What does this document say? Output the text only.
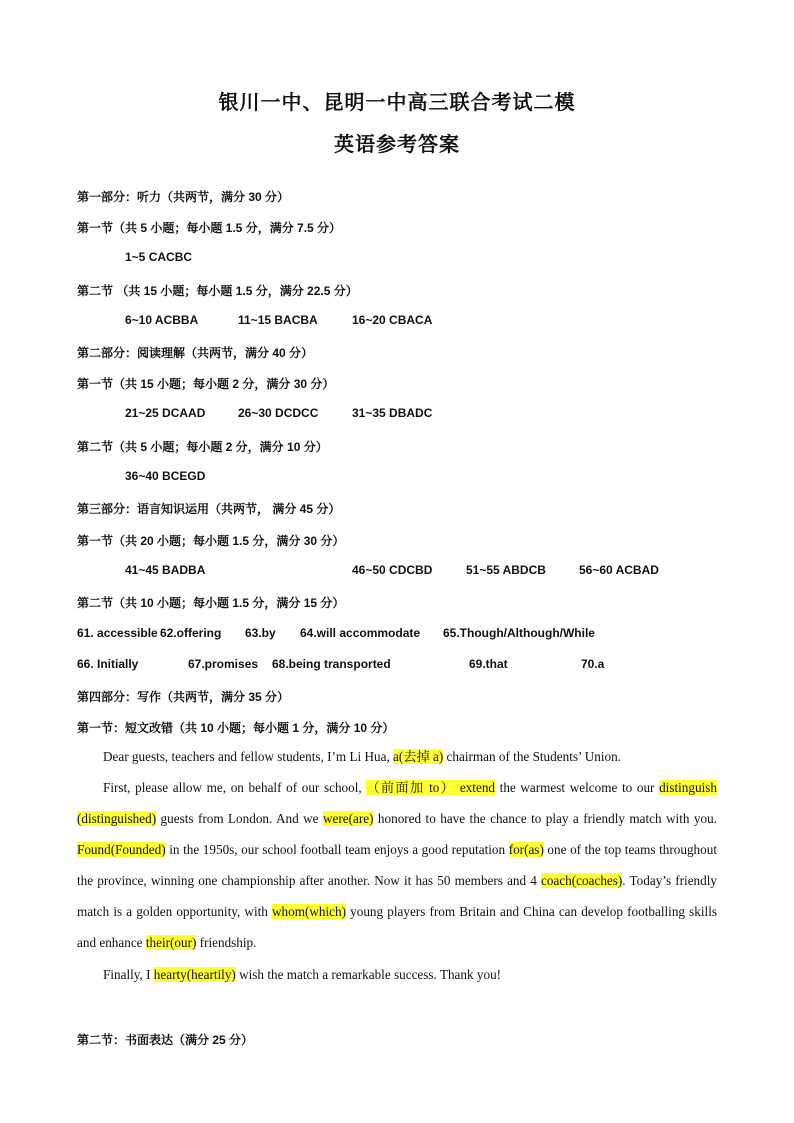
银川一中、昆明一中高三联合考试二模
英语参考答案
第一部分：听力（共两节，满分 30 分）
第一节（共 5 小题；每小题 1.5 分，满分 7.5 分）
1~5 CACBC
第二节 （共 15 小题；每小题 1.5 分，满分 22.5 分）
6~10 ACBBA	11~15 BACBA	16~20 CBACA
第二部分：阅读理解（共两节，满分 40 分）
第一节（共 15 小题；每小题 2 分，满分 30 分）
21~25 DCAAD	26~30 DCDCC	31~35 DBADC
第二节（共 5 小题；每小题 2 分，满分 10 分）
36~40 BCEGD
第三部分：语言知识运用（共两节， 满分 45 分）
第一节（共 20 小题；每小题 1.5 分，满分 30 分）
41~45 BADBA	46~50 CDCBD	51~55 ABDCB	56~60 ACBAD
第二节（共 10 小题；每小题 1.5 分，满分 15 分）
61. accessible 62.offering 63.by 64.will accommodate 65.Though/Although/While
66. Initially	67.promises 68.being transported	69.that	70.a
第四部分：写作（共两节，满分 35 分）
第一节：短文改错（共 10 小题；每小题 1 分，满分 10 分）
Dear guests, teachers and fellow students, I’m Li Hua, a(去掉 a) chairman of the Students’ Union.
First, please allow me, on behalf of our school, （前面加 to） extend the warmest welcome to our distinguish (distinguished) guests from London. And we were(are) honored to have the chance to play a friendly match with you. Found(Founded) in the 1950s, our school football team enjoys a good reputation for(as) one of the top teams throughout the province, winning one championship after another. Now it has 50 members and 4 coach(coaches). Today’s friendly match is a golden opportunity, with whom(which) young players from Britain and China can develop footballing skills and enhance their(our) friendship.
Finally, I hearty(heartily) wish the match a remarkable success. Thank you!
第二节：书面表达（满分 25 分）
